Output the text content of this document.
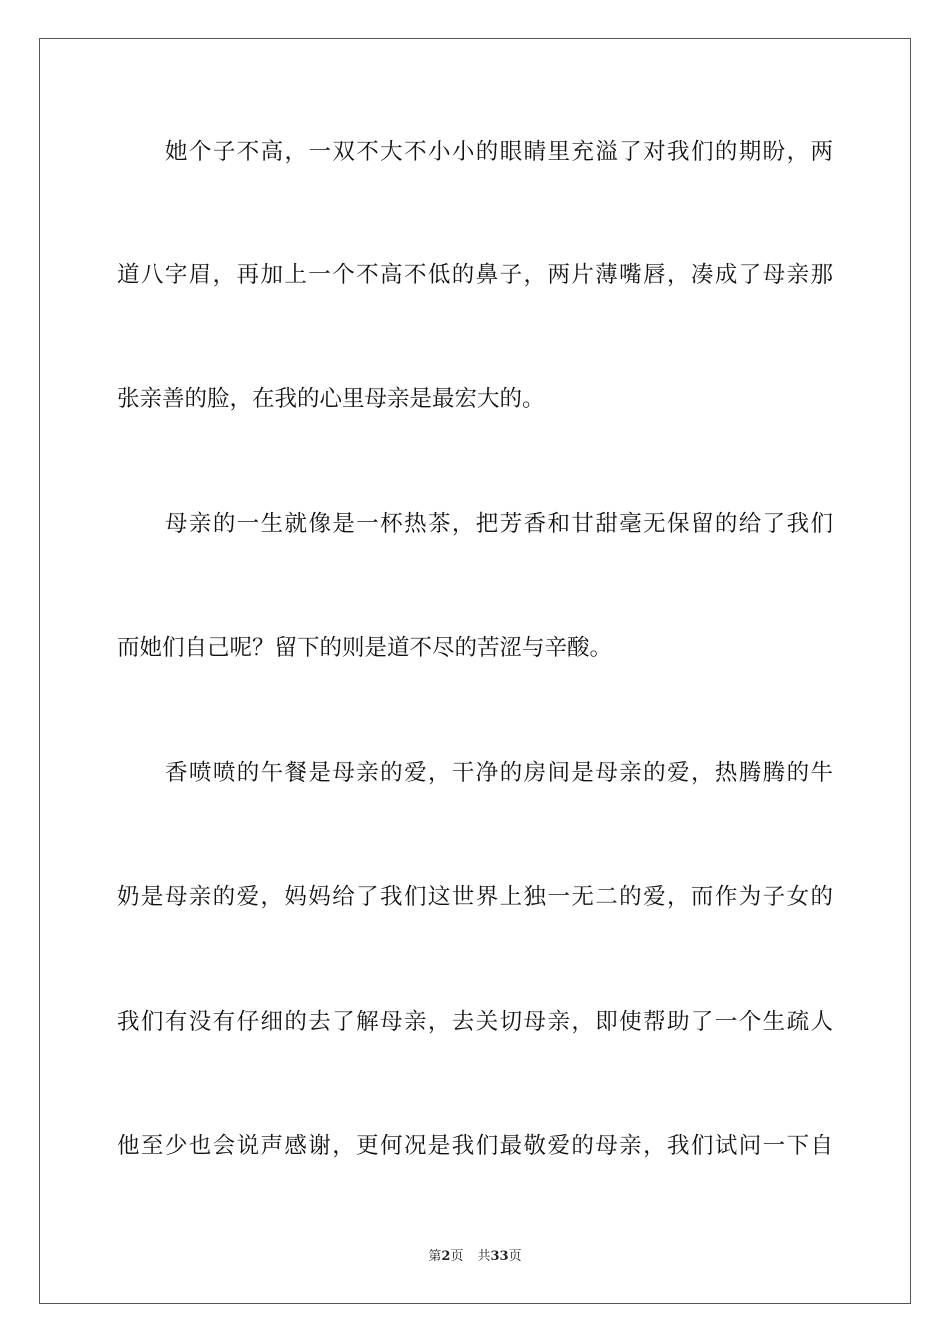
她个子不高，一双不大不小小的眼睛里充溢了对我们的期盼，两
道八字眉，再加上一个不高不低的鼻子，两片薄嘴唇，凑成了母亲那
张亲善的脸，在我的心里母亲是最宏大的。
母亲的一生就像是一杯热茶，把芳香和甘甜毫无保留的给了我们
而她们自己呢？留下的则是道不尽的苦涩与辛酸。
香喷喷的午餐是母亲的爱，干净的房间是母亲的爱，热腾腾的牛
奶是母亲的爱，妈妈给了我们这世界上独一无二的爱，而作为子女的
我们有没有仔细的去了解母亲，去关切母亲，即使帮助了一个生疏人
他至少也会说声感谢，更何况是我们最敬爱的母亲，我们试问一下自
第2页 共33页
